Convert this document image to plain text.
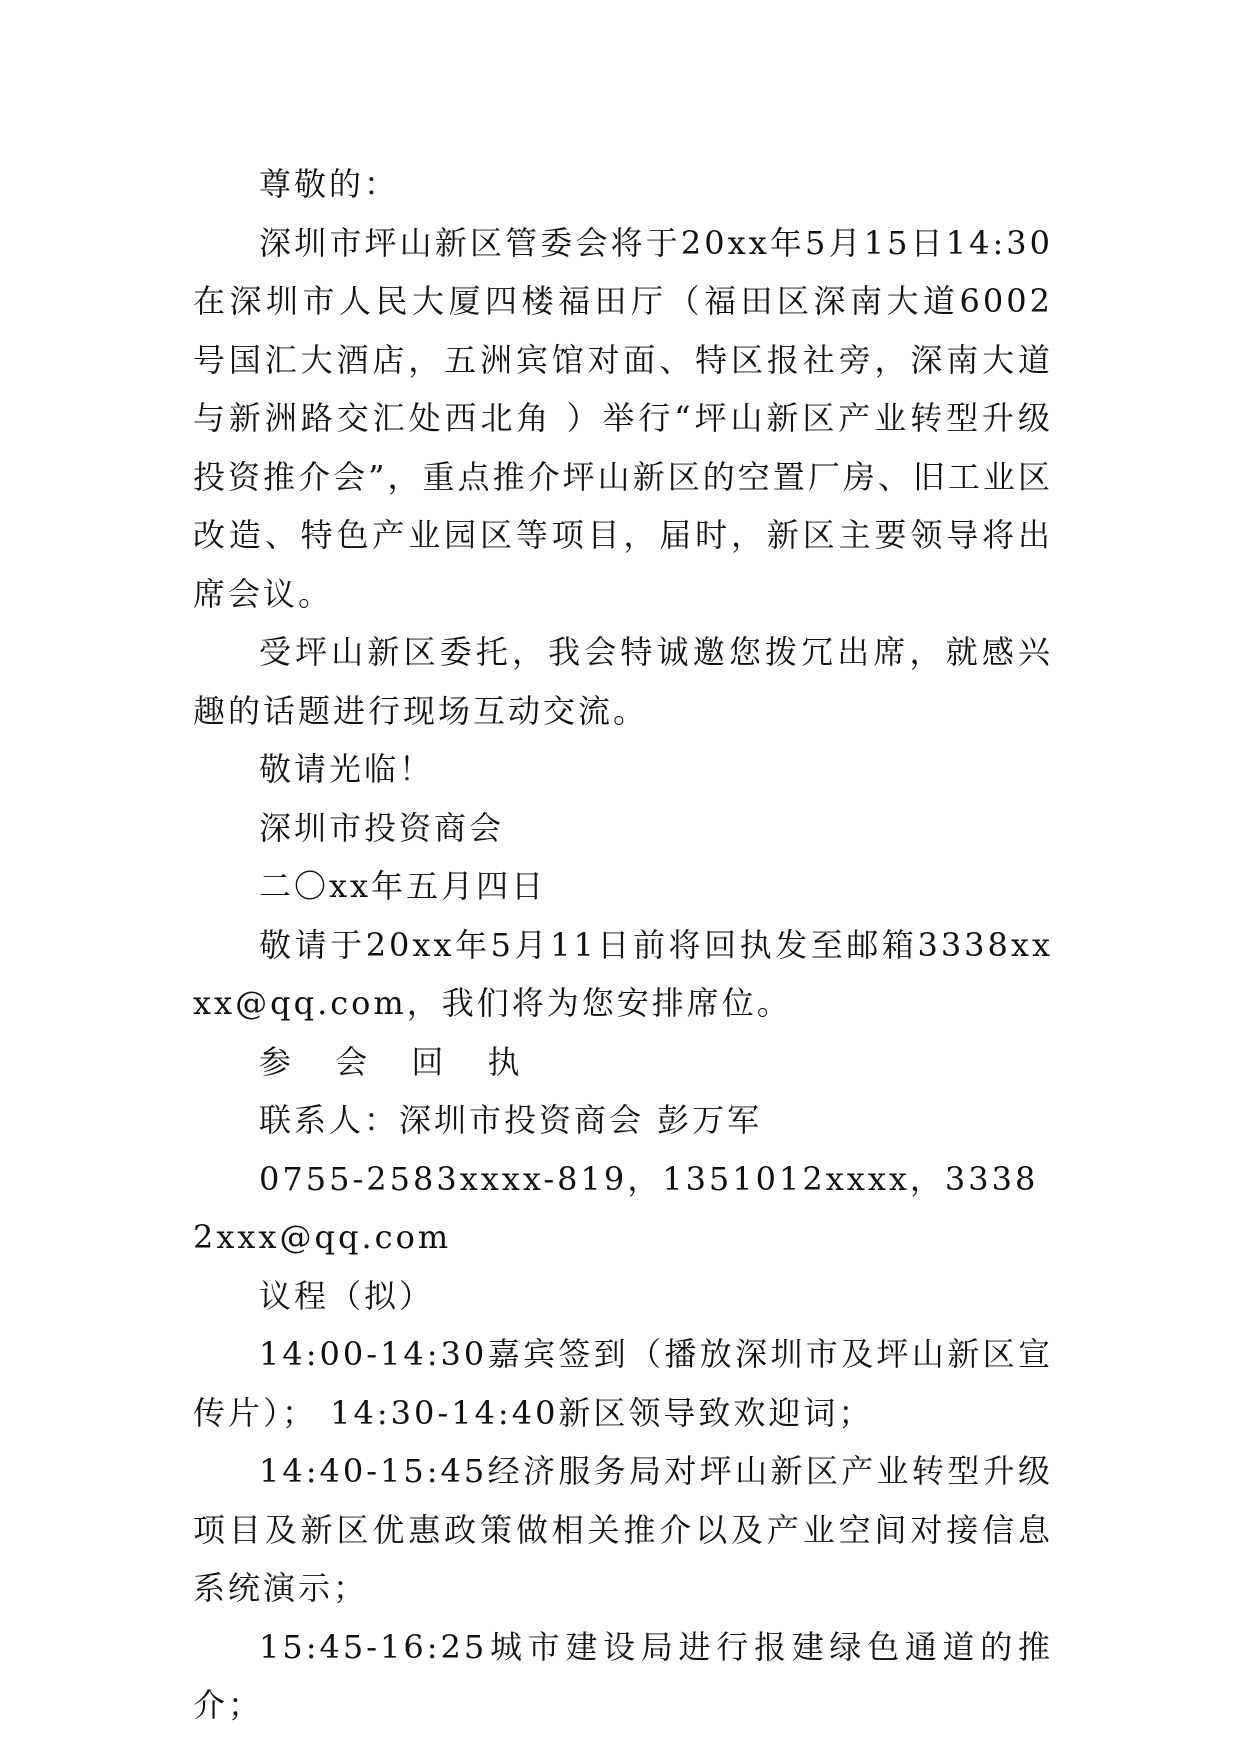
尊敬的：

深圳市坪山新区管委会将于20xx年5月15日14:30在深圳市人民大厦四楼福田厅（福田区深南大道6002号国汇大酒店，五洲宾馆对面、特区报社旁，深南大道与新洲路交汇处西北角 ）举行“坪山新区产业转型升级投资推介会”，重点推介坪山新区的空置厂房、旧工业区改造、特色产业园区等项目，届时，新区主要领导将出席会议。

受坪山新区委托，我会特诚邀您拨冗出席，就感兴趣的话题进行现场互动交流。

敬请光临！

深圳市投资商会

二〇xx年五月四日

敬请于20xx年5月11日前将回执发至邮箱3338xxxx@qq.com，我们将为您安排席位。

参 会 回 执

联系人：深圳市投资商会 彭万军

0755-2583xxxx-819，1351012xxxx，33382xxx@qq.com

议程（拟）

14:00-14:30嘉宾签到（播放深圳市及坪山新区宣传片）； 14:30-14:40新区领导致欢迎词；

14:40-15:45经济服务局对坪山新区产业转型升级项目及新区优惠政策做相关推介以及产业空间对接信息系统演示；

15:45-16:25城市建设局进行报建绿色通道的推介；
